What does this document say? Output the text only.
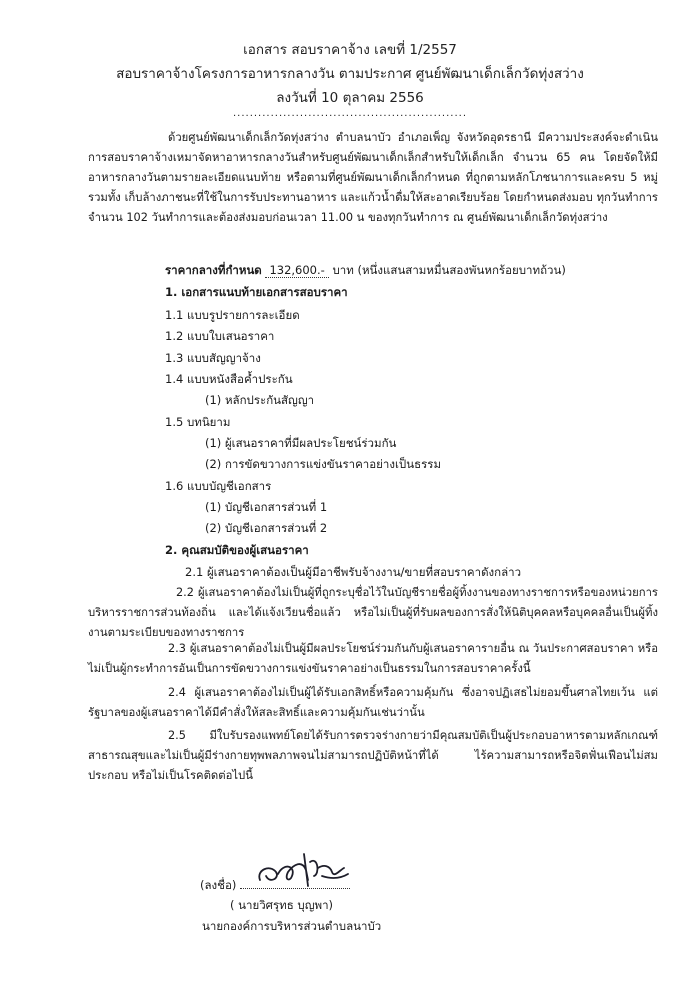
เอกสาร สอบราคาจ้าง เลขที่ 1/2557
สอบราคาจ้างโครงการอาหารกลางวัน ตามประกาศ ศูนย์พัฒนาเด็กเล็กวัดทุ่งสว่าง
ลงวันที่ 10 ตุลาคม 2556
........................................................
ด้วยศูนย์พัฒนาเด็กเล็กวัดทุ่งสว่าง ตำบลนาบัว อำเภอเพ็ญ จังหวัดอุดรธานี มีความประสงค์จะดำเนินการสอบราคาจ้างเหมาจัดหาอาหารกลางวันสำหรับศูนย์พัฒนาเด็กเล็กสำหรับให้เด็กเล็ก จำนวน 65 คน โดยจัดให้มีอาหารกลางวันตามรายละเอียดแนบท้าย หรือตามที่ศูนย์พัฒนาเด็กเล็กกำหนด ที่ถูกตามหลักโภชนาการและครบ 5 หมู่ รวมทั้ง เก็บล้างภาชนะที่ใช้ในการรับประทานอาหาร และแก้วน้ำดื่มให้สะอาดเรียบร้อย โดยกำหนดส่งมอบ ทุกวันทำการ จำนวน 102 วันทำการและต้องส่งมอบก่อนเวลา 11.00 น ของทุกวันทำการ ณ ศูนย์พัฒนาเด็กเล็กวัดทุ่งสว่าง
ราคากลางที่กำหนด 132,600.- บาท (หนึ่งแสนสามหมื่นสองพันหกร้อยบาทถ้วน)
1. เอกสารแนบท้ายเอกสารสอบราคา
1.1 แบบรูปรายการละเอียด
1.2 แบบใบเสนอราคา
1.3 แบบสัญญาจ้าง
1.4 แบบหนังสือค้ำประกัน
(1) หลักประกันสัญญา
1.5 บทนิยาม
(1) ผู้เสนอราคาที่มีผลประโยชน์ร่วมกัน
(2) การขัดขวางการแข่งขันราคาอย่างเป็นธรรม
1.6 แบบบัญชีเอกสาร
(1) บัญชีเอกสารส่วนที่ 1
(2) บัญชีเอกสารส่วนที่ 2
2. คุณสมบัติของผู้เสนอราคา
2.1 ผู้เสนอราคาต้องเป็นผู้มีอาชีพรับจ้างงาน/ขายที่สอบราคาดังกล่าว
2.2 ผู้เสนอราคาต้องไม่เป็นผู้ที่ถูกระบุชื่อไว้ในบัญชีรายชื่อผู้ทิ้งงานของทางราชการหรือของหน่วยการบริหารราชการส่วนท้องถิ่น และได้แจ้งเวียนชื่อแล้ว หรือไม่เป็นผู้ที่รับผลของการสั่งให้นิติบุคคลหรือบุคคลอื่นเป็นผู้ทิ้งงานตามระเบียบของทางราชการ
2.3 ผู้เสนอราคาต้องไม่เป็นผู้มีผลประโยชน์ร่วมกันกับผู้เสนอราคารายอื่น ณ วันประกาศสอบราคา หรือไม่เป็นผู้กระทำการอันเป็นการขัดขวางการแข่งขันราคาอย่างเป็นธรรมในการสอบราคาครั้งนี้
2.4 ผู้เสนอราคาต้องไม่เป็นผู้ได้รับเอกสิทธิ์หรือความคุ้มกัน ซึ่งอาจปฏิเสธไม่ยอมขึ้นศาลไทยเว้น แต่รัฐบาลของผู้เสนอราคาได้มีคำสั่งให้สละสิทธิ์และความคุ้มกันเช่นว่านั้น
2.5 มีใบรับรองแพทย์โดยได้รับการตรวจร่างกายว่ามีคุณสมบัติเป็นผู้ประกอบอาหารตามหลักเกณฑ์สาธารณสุขและไม่เป็นผู้มีร่างกายทุพพลภาพจนไม่สามารถปฏิบัติหน้าที่ได้ ไร้ความสามารถหรือจิตฟั่นเฟือนไม่สมประกอบ หรือไม่เป็นโรคติดต่อไปนี้
(ลงชื่อ)
( นายวิศรุทธ บุญพา)
นายกองค์การบริหารส่วนตำบลนาบัว
